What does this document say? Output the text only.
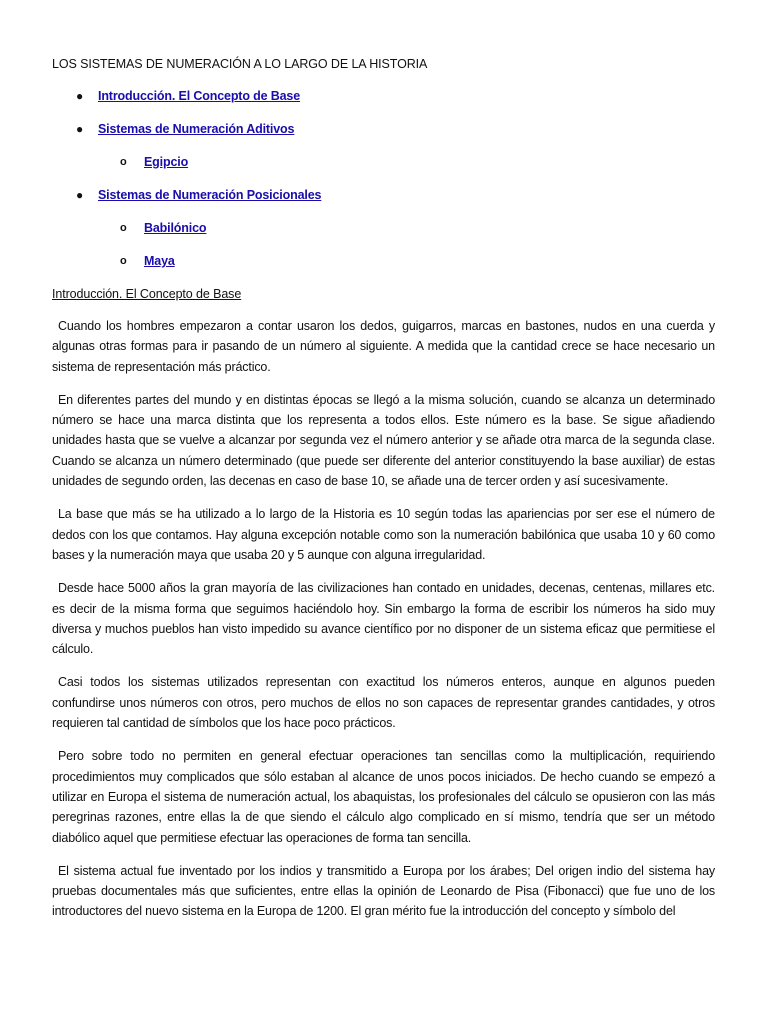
LOS SISTEMAS DE NUMERACIÓN A LO LARGO DE LA HISTORIA
● Introducción. El Concepto de Base
● Sistemas de Numeración Aditivos
o Egipcio
● Sistemas de Numeración Posicionales
o Babilónico
o Maya
Introducción. El Concepto de Base

Cuando los hombres empezaron a contar usaron los dedos, guigarros, marcas en bastones, nudos en una cuerda y algunas otras formas para ir pasando de un número al siguiente. A medida que la cantidad crece se hace necesario un sistema de representación más práctico.

En diferentes partes del mundo y en distintas épocas se llegó a la misma solución, cuando se alcanza un determinado número se hace una marca distinta que los representa a todos ellos. Este número es la base. Se sigue añadiendo unidades hasta que se vuelve a alcanzar por segunda vez el número anterior y se añade otra marca de la segunda clase. Cuando se alcanza un número determinado (que puede ser diferente del anterior constituyendo la base auxiliar) de estas unidades de segundo orden, las decenas en caso de base 10, se añade una de tercer orden y así sucesivamente.

La base que más se ha utilizado a lo largo de la Historia es 10 según todas las apariencias por ser ese el número de dedos con los que contamos. Hay alguna excepción notable como son la numeración babilónica que usaba 10 y 60 como bases y la numeración maya que usaba 20 y 5 aunque con alguna irregularidad.

Desde hace 5000 años la gran mayoría de las civilizaciones han contado en unidades, decenas, centenas, millares etc. es decir de la misma forma que seguimos haciéndolo hoy. Sin embargo la forma de escribir los números ha sido muy diversa y muchos pueblos han visto impedido su avance científico por no disponer de un sistema eficaz que permitiese el cálculo.

Casi todos los sistemas utilizados representan con exactitud los números enteros, aunque en algunos pueden confundirse unos números con otros, pero muchos de ellos no son capaces de representar grandes cantidades, y otros requieren tal cantidad de símbolos que los hace poco prácticos.

Pero sobre todo no permiten en general efectuar operaciones tan sencillas como la multiplicación, requiriendo procedimientos muy complicados que sólo estaban al alcance de unos pocos iniciados. De hecho cuando se empezó a utilizar en Europa el sistema de numeración actual, los abaquistas, los profesionales del cálculo se opusieron con las más peregrinas razones, entre ellas la de que siendo el cálculo algo complicado en sí mismo, tendría que ser un método diabólico aquel que permitiese efectuar las operaciones de forma tan sencilla.

El sistema actual fue inventado por los indios y transmitido a Europa por los árabes; Del origen indio del sistema hay pruebas documentales más que suficientes, entre ellas la opinión de Leonardo de Pisa (Fibonacci) que fue uno de los introductores del nuevo sistema en la Europa de 1200. El gran mérito fue la introducción del concepto y símbolo del
